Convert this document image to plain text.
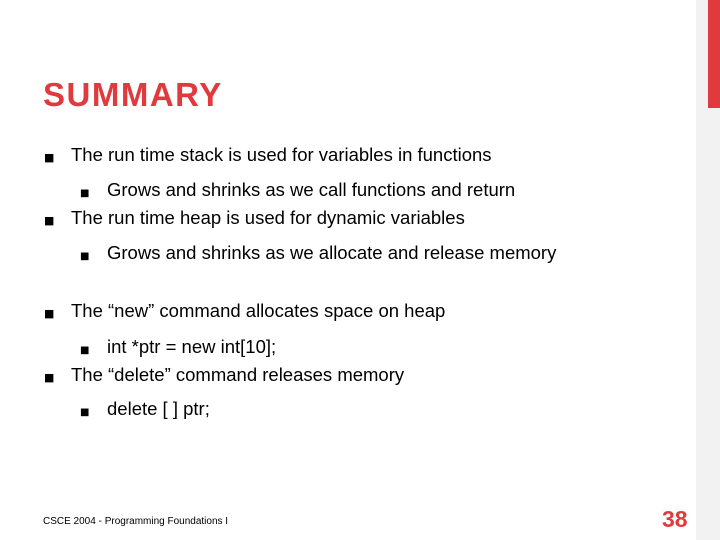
SUMMARY
■ The run time stack is used for variables in functions
■ Grows and shrinks as we call functions and return
■ The run time heap is used for dynamic variables
■ Grows and shrinks as we allocate and release memory
■ The “new” command allocates space on heap
■ int *ptr = new int[10];
■ The “delete” command releases memory
■ delete [ ] ptr;
CSCE 2004 - Programming Foundations I	38
